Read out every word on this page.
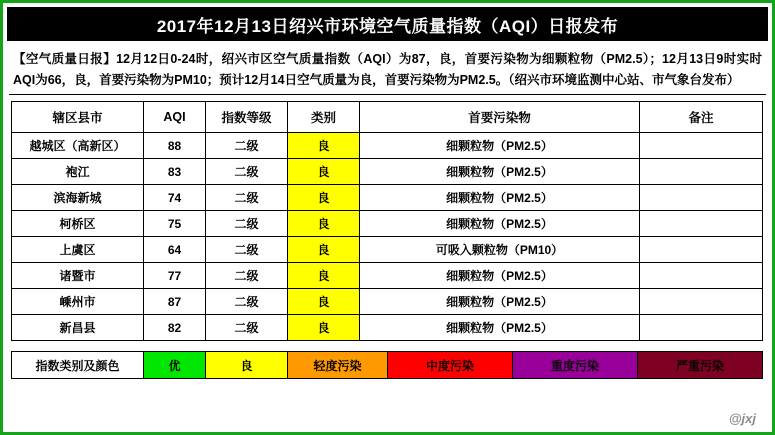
2017年12月13日绍兴市环境空气质量指数（AQI）日报发布
【空气质量日报】12月12日0-24时，绍兴市区空气质量指数（AQI）为87，良，首要污染物为细颗粒物（PM2.5）；12月13日9时实时AQI为66，良，首要污染物为PM10；预计12月14日空气质量为良，首要污染物为PM2.5。（绍兴市环境监测中心站、市气象台发布）
辖区县市	AQI	指数等级	类别	首要污染物	备注
越城区（高新区）	88	二级	良	细颗粒物（PM2.5）	
袍江	83	二级	良	细颗粒物（PM2.5）	
滨海新城	74	二级	良	细颗粒物（PM2.5）	
柯桥区	75	二级	良	细颗粒物（PM2.5）	
上虞区	64	二级	良	可吸入颗粒物（PM10）	
诸暨市	77	二级	良	细颗粒物（PM2.5）	
嵊州市	87	二级	良	细颗粒物（PM2.5）	
新昌县	82	二级	良	细颗粒物（PM2.5）	
指数类别及颜色	优	良	轻度污染	中度污染	重度污染	严重污染
@jxj
